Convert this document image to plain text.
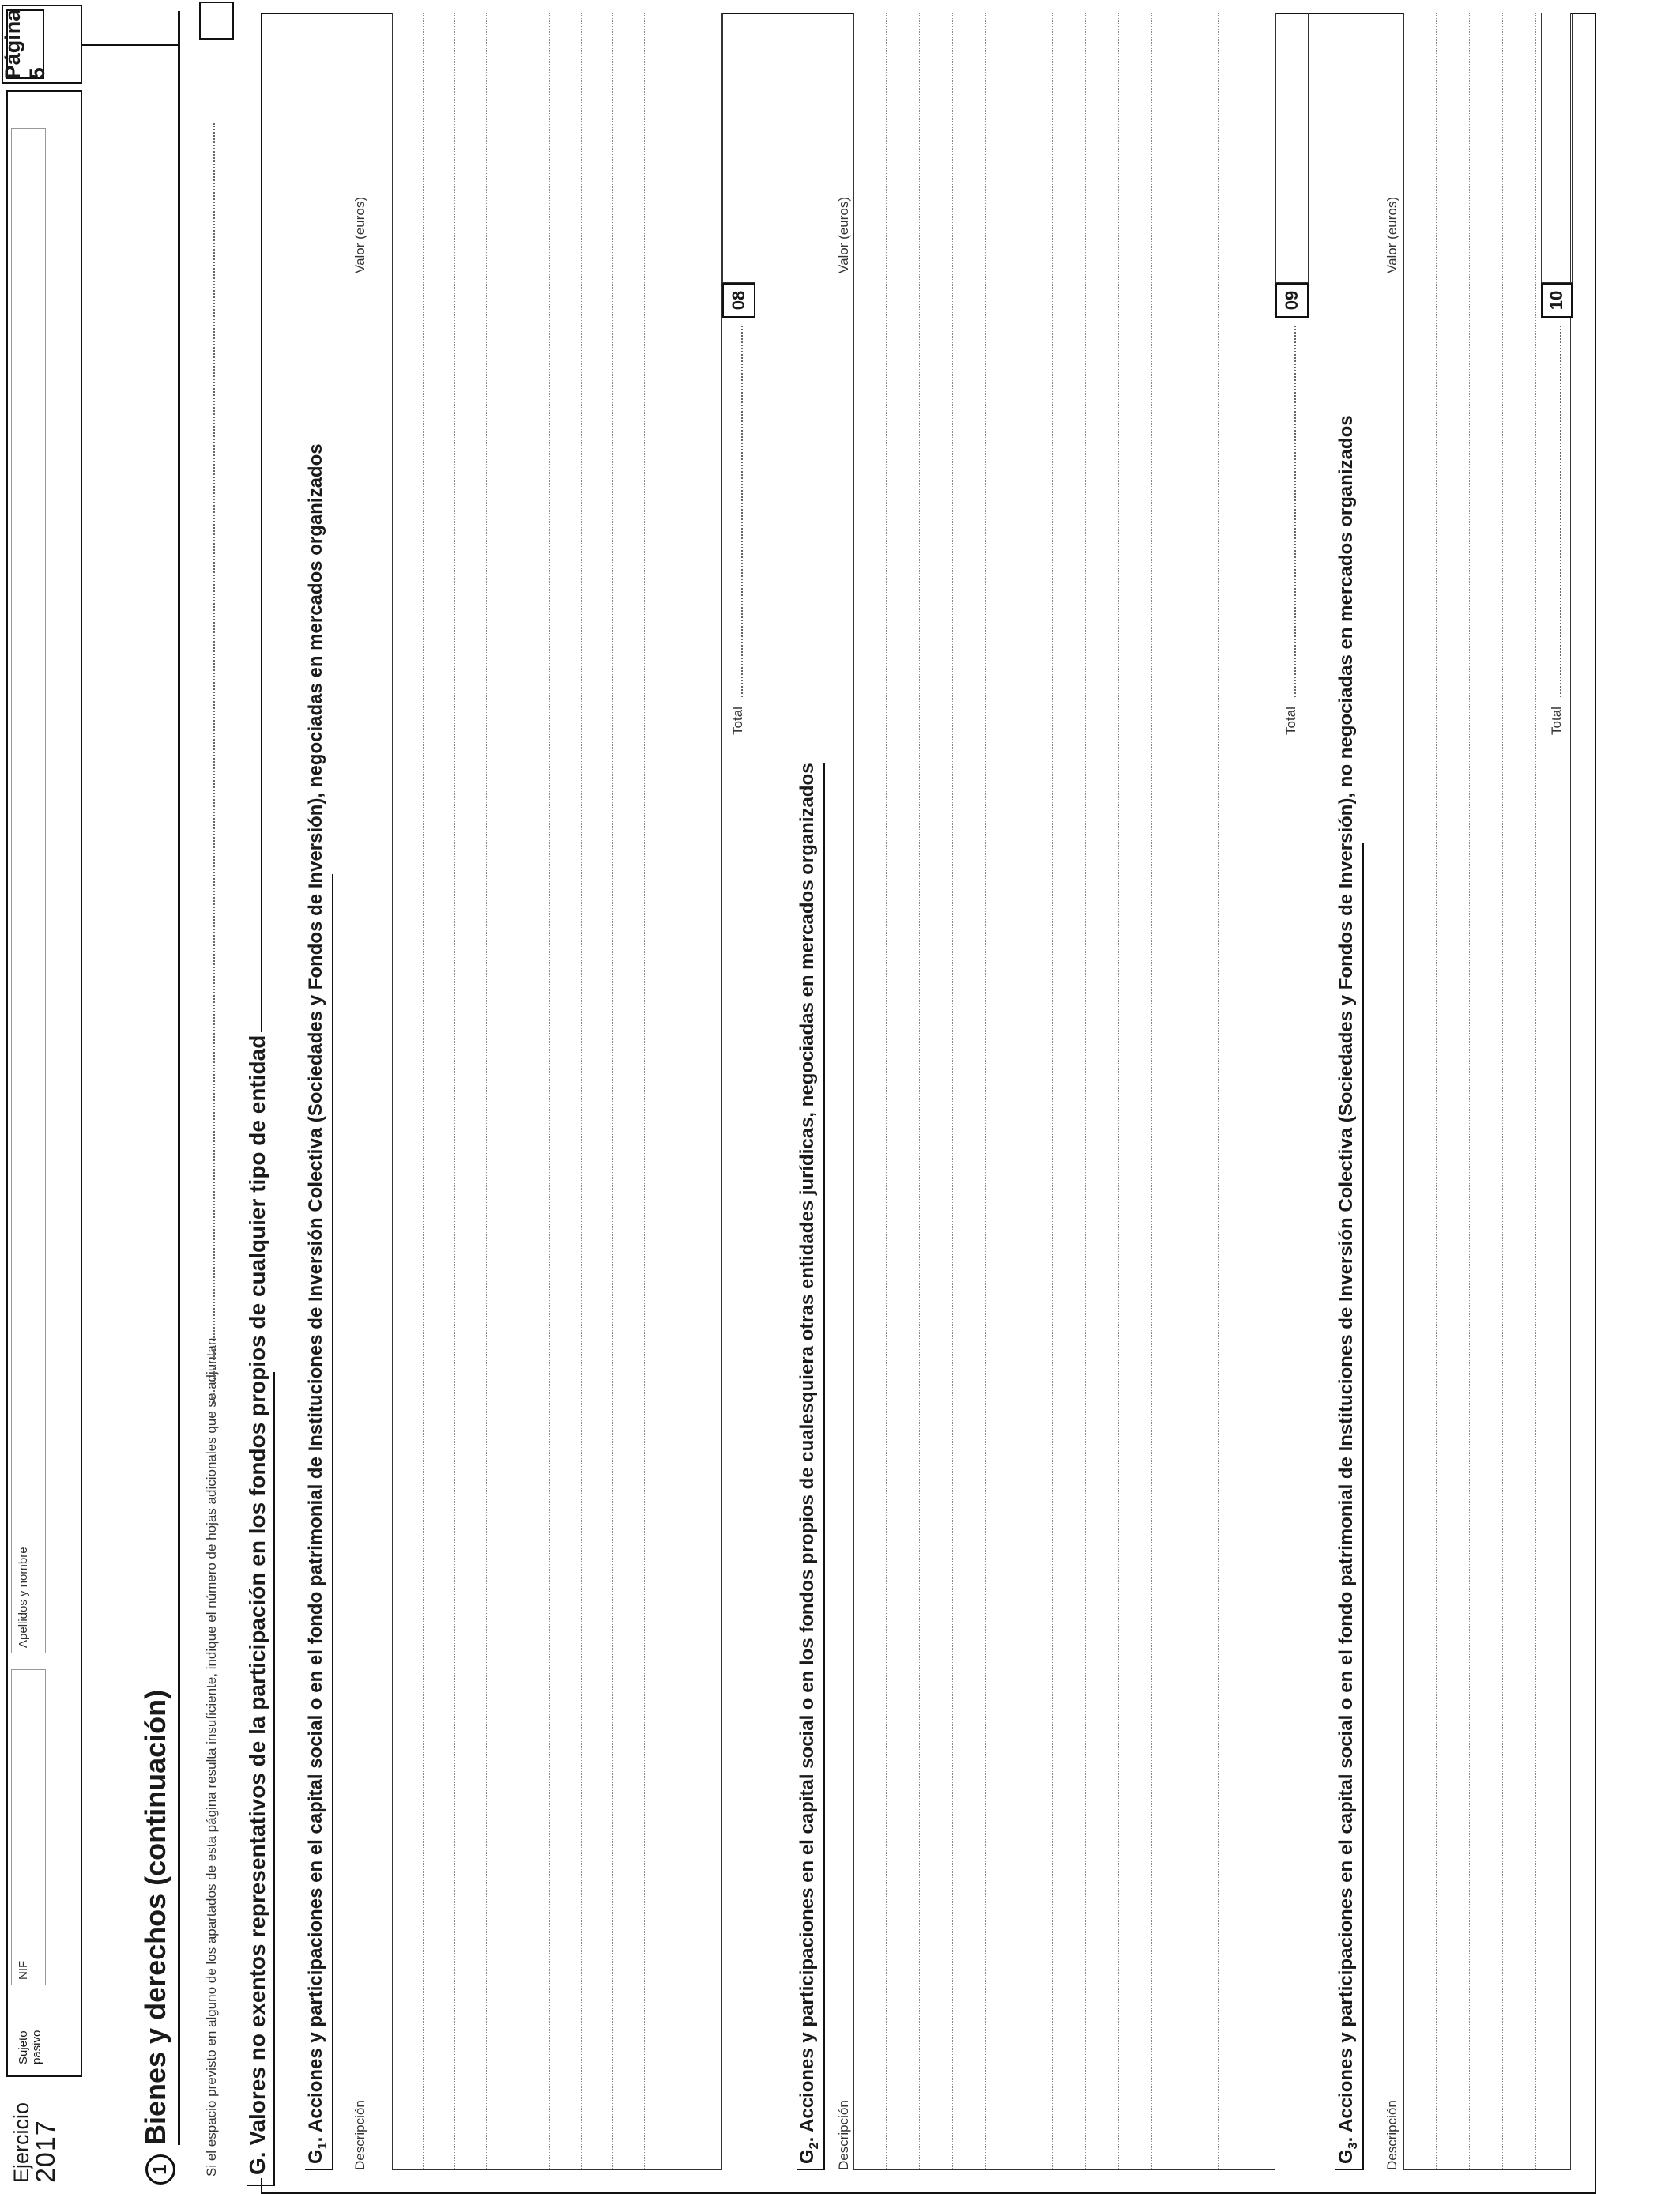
Ejercicio
2017
Sujeto pasivo
NIF
Apellidos y nombre
Página 5
1
Bienes y derechos (continuación) Si el espacio previsto en alguno de los apartados de esta página resulta insuficiente, indique el número de hojas adicionales que se adjuntan G. Valores no exentos representativos de la participación en los fondos propios de cualquier tipo de entidad $G_1$. Acciones y participaciones en el capital social o en el fondo patrimonial de Instituciones de Inversión Colectiva (Sociedades y Fondos de Inversión), negociadas en mercados organizados Descripción
Valor (euros)
Total
08
$G_2$. Acciones y participaciones en el capital social o en los fondos propios de cualesquiera otras entidades jurídicas, negociadas en mercados organizados Descripción
Valor (euros)
Total
09
$G_3$. Acciones y participaciones en el capital social o en el fondo patrimonial de Instituciones de Inversión Colectiva (Sociedades y Fondos de Inversión), no negociadas en mercados organizados Descripción
Valor (euros)
Total
10
